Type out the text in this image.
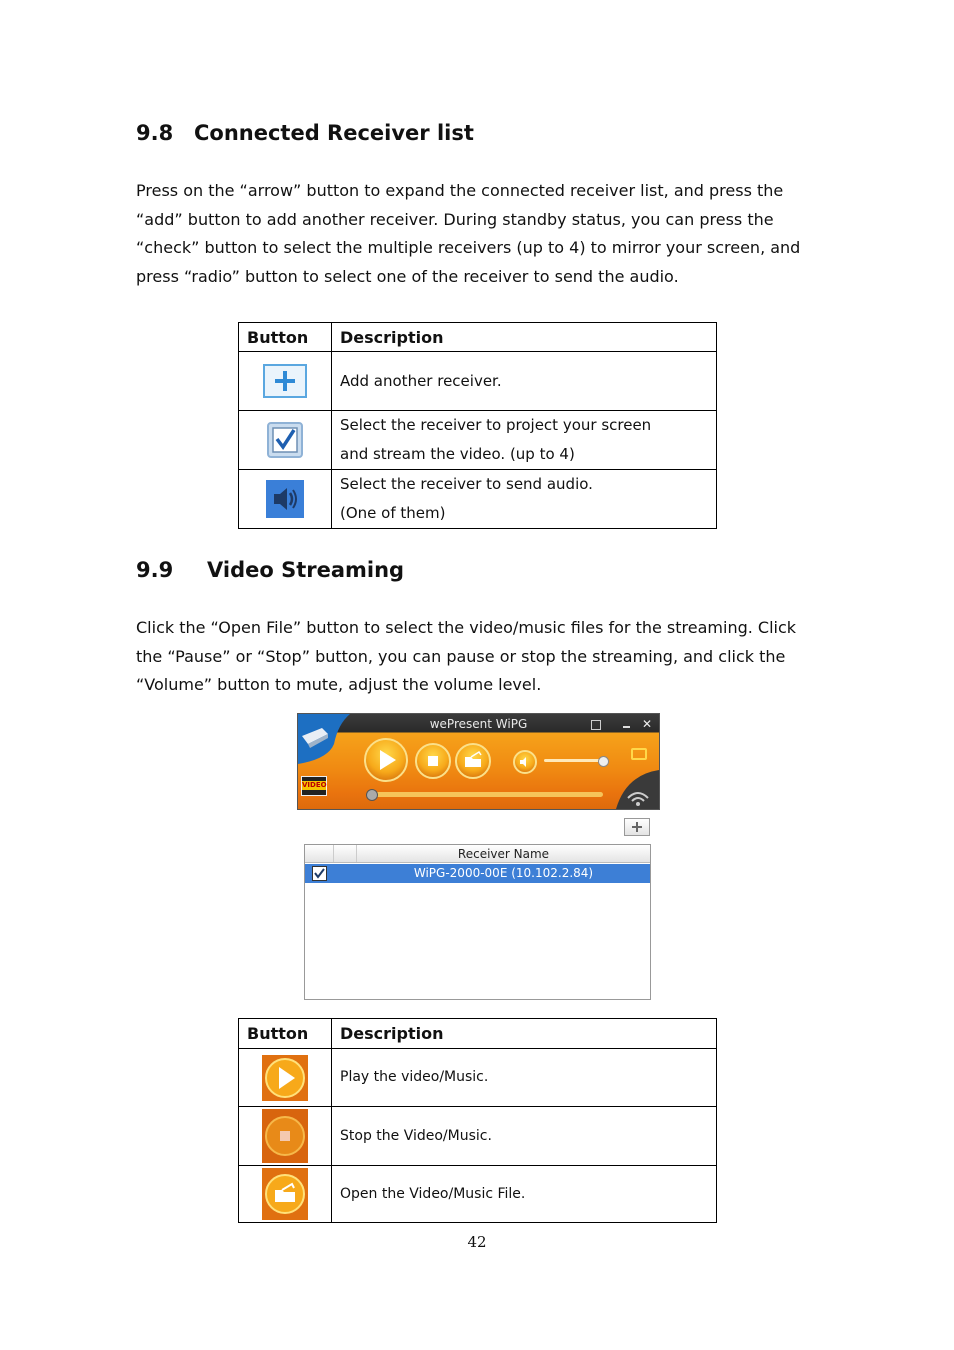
9.8 Connected Receiver list

Press on the “arrow” button to expand the connected receiver list, and press the “add” button to add another receiver. During standby status, you can press the “check” button to select the multiple receivers (up to 4) to mirror your screen, and press “radio” button to select one of the receiver to send the audio.

Button	Description
	Add another receiver.
	Select the receiver to project your screen and stream the video. (up to 4)
	Select the receiver to send audio. (One of them)
9.9 Video Streaming

Click the “Open File” button to select the video/music files for the streaming. Click the “Pause” or “Stop” button, you can pause or stop the streaming, and click the “Volume” button to mute, adjust the volume level.

wePresent WiPG	✕
VIDEO
Receiver Name
WiPG-2000-00E (10.102.2.84)
Button	Description
	Play the video/Music.
	Stop the Video/Music.
	Open the Video/Music File.
42
